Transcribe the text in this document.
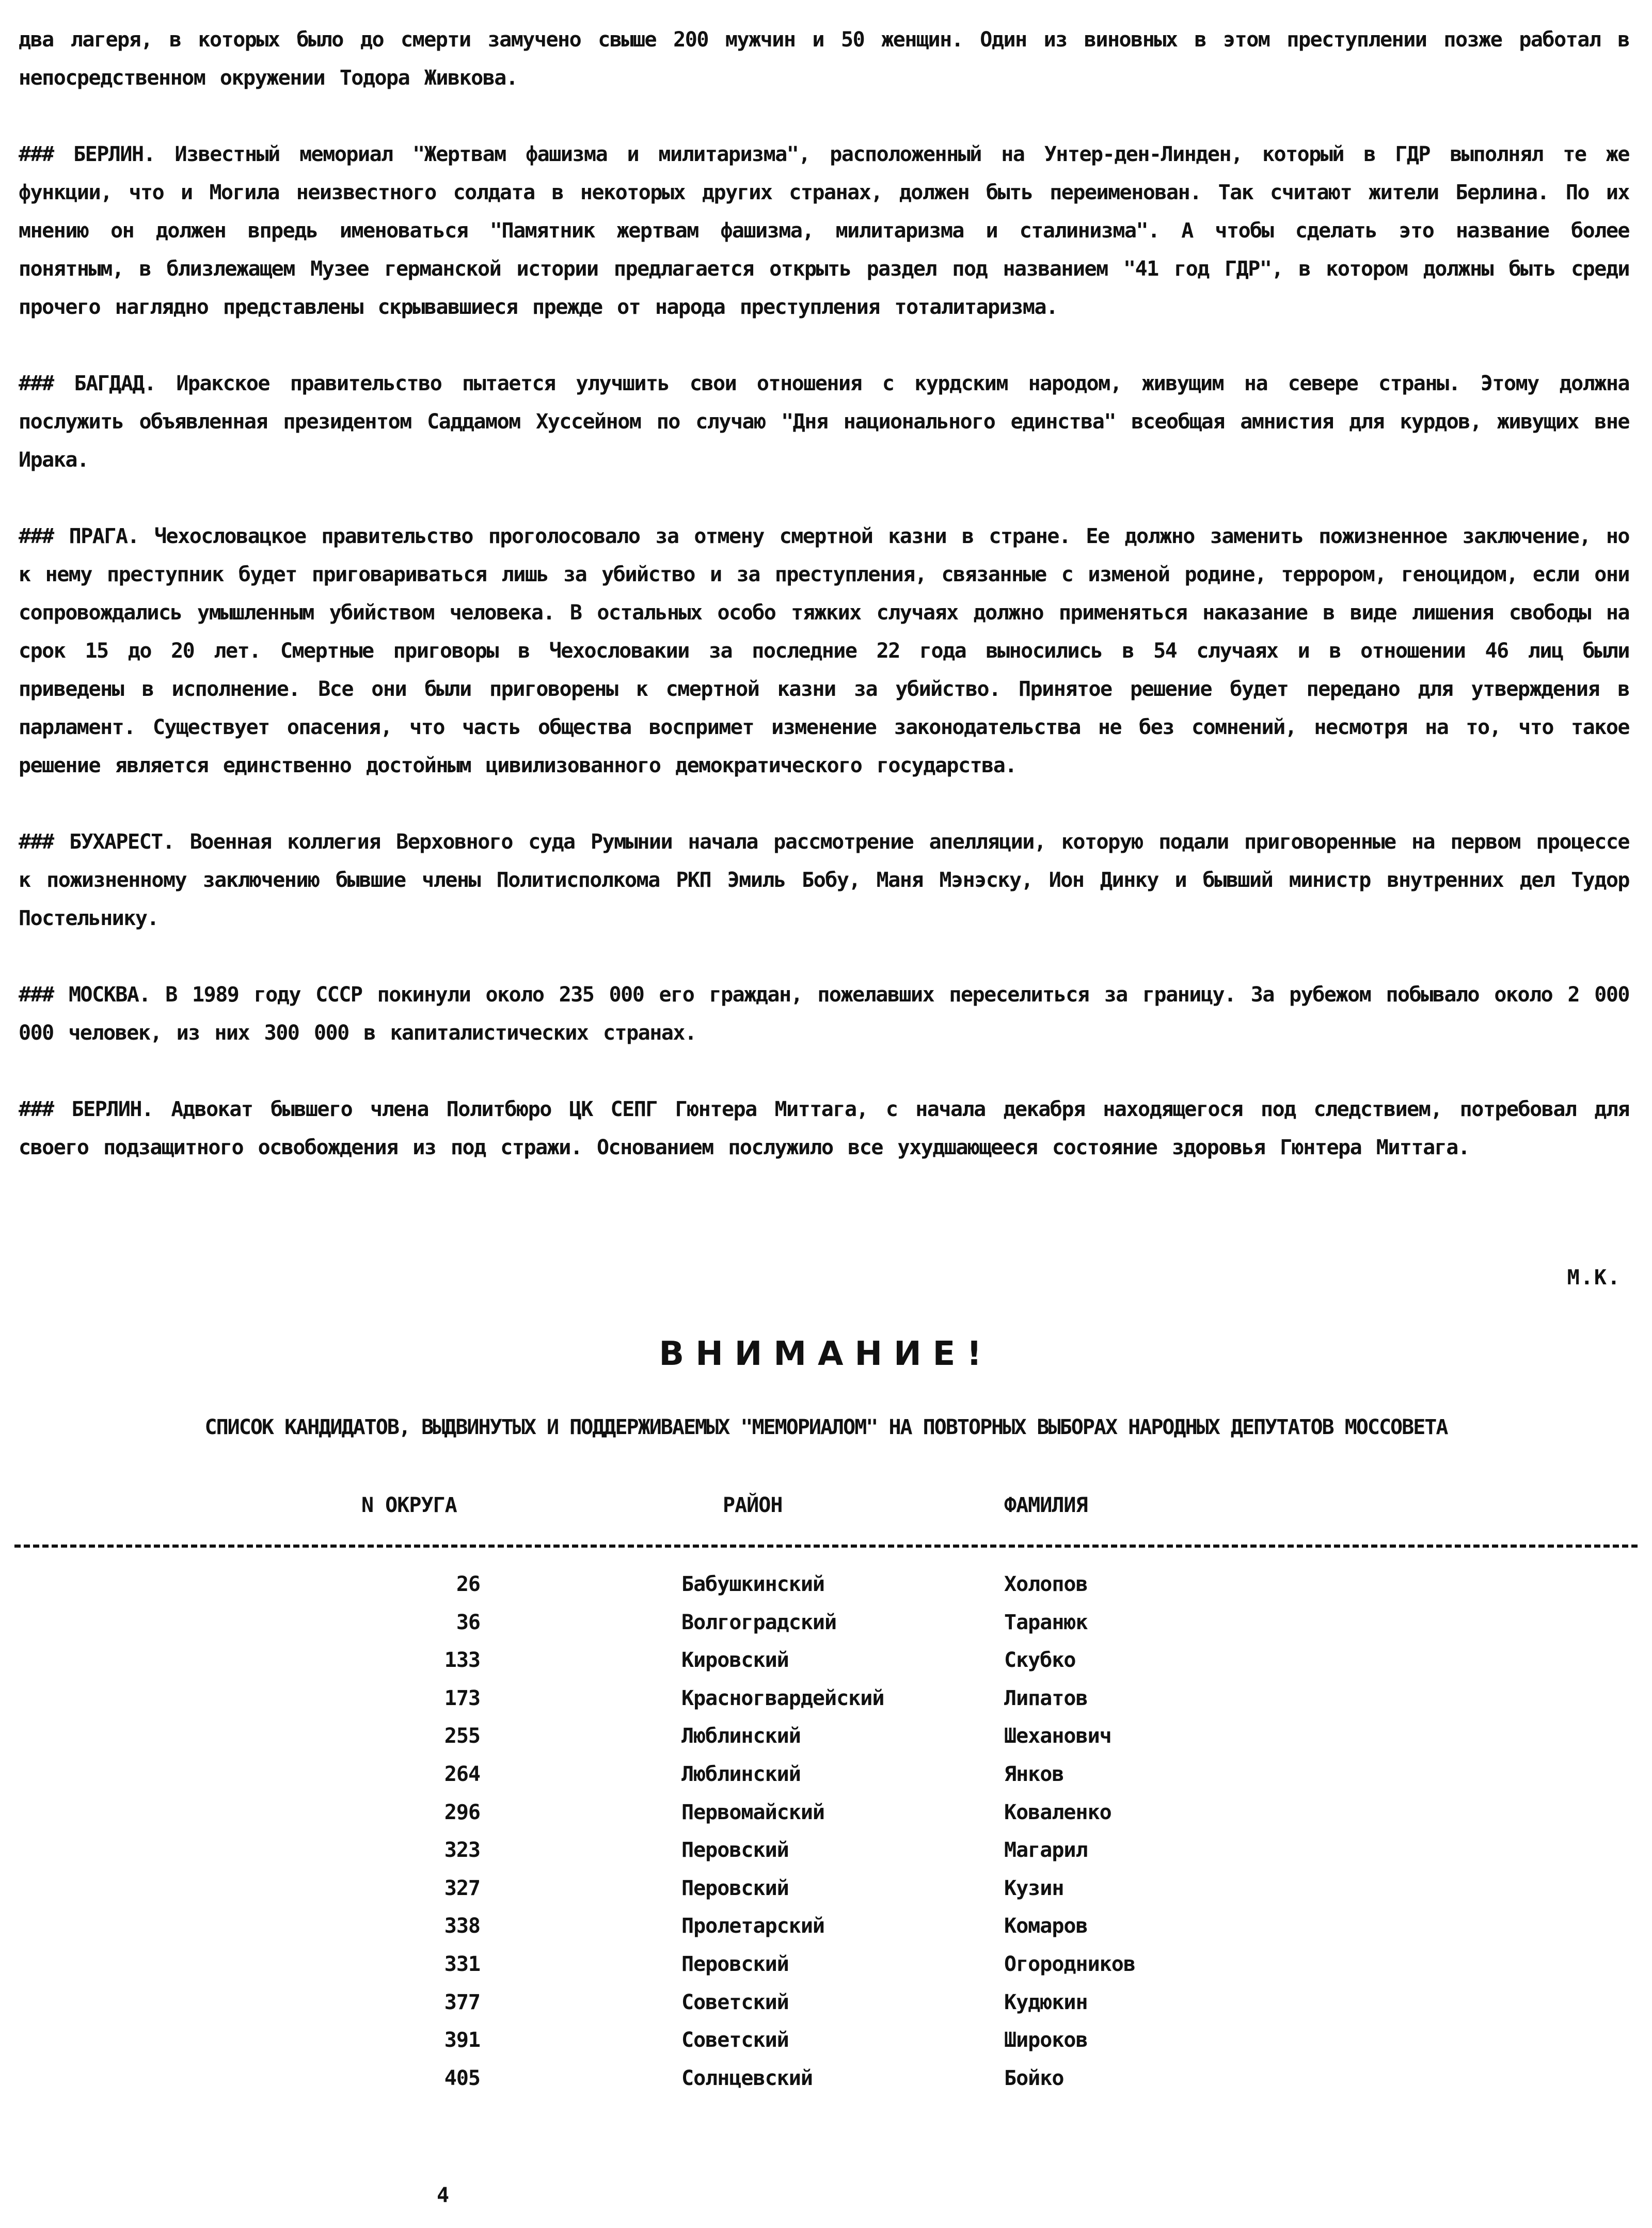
два лагеря, в которых было до смерти замучено свыше 200 мужчин и 50 женщин. Один из виновных в этом преступлении позже работал в непосредственном окружении Тодора Живкова.

### БЕРЛИН. Известный мемориал "Жертвам фашизма и милитаризма", расположенный на Унтер-ден-Линден, который в ГДР выполнял те же функции, что и Могила неизвестного солдата в некоторых других странах, должен быть переименован. Так считают жители Берлина. По их мнению он должен впредь именоваться "Памятник жертвам фашизма, милитаризма и сталинизма". А чтобы сделать это название более понятным, в близлежащем Музее германской истории предлагается открыть раздел под названием "41 год ГДР", в котором должны быть среди прочего наглядно представлены скрывавшиеся прежде от народа преступления тоталитаризма.

### БАГДАД. Иракское правительство пытается улучшить свои отношения с курдским народом, живущим на севере страны. Этому должна послужить объявленная президентом Саддамом Хуссейном по случаю "Дня национального единства" всеобщая амнистия для курдов, живущих вне Ирака.

### ПРАГА. Чехословацкое правительство проголосовало за отмену смертной казни в стране. Ее должно заменить пожизненное заключение, но к нему преступник будет приговариваться лишь за убийство и за преступления, связанные с изменой родине, террором, геноцидом, если они сопровождались умышленным убийством человека. В остальных особо тяжких случаях должно применяться наказание в виде лишения свободы на срок 15 до 20 лет. Смертные приговоры в Чехословакии за последние 22 года выносились в 54 случаях и в отношении 46 лиц были приведены в исполнение. Все они были приговорены к смертной казни за убийство. Принятое решение будет передано для утверждения в парламент. Существует опасения, что часть общества воспримет изменение законодательства не без сомнений, несмотря на то, что такое решение является единственно достойным цивилизованного демократического государства.

### БУХАРЕСТ. Военная коллегия Верховного суда Румынии начала рассмотрение апелляции, которую подали приговоренные на первом процессе к пожизненному заключению бывшие члены Политисполкома РКП Эмиль Бобу, Маня Мэнэску, Ион Динку и бывший министр внутренних дел Тудор Постельнику.

### МОСКВА. В 1989 году СССР покинули около 235 000 его граждан, пожелавших переселиться за границу. За рубежом побывало около 2 000 000 человек, из них 300 000 в капиталистических странах.

### БЕРЛИН. Адвокат бывшего члена Политбюро ЦК СЕПГ Гюнтера Миттага, с начала декабря находящегося под следствием, потребовал для своего подзащитного освобождения из под стражи. Основанием послужило все ухудшающееся состояние здоровья Гюнтера Миттага.

М.К.
ВНИМАНИЕ!
СПИСОК КАНДИДАТОВ, ВЫДВИНУТЫХ И ПОДДЕРЖИВАЕМЫХ "МЕМОРИАЛОМ" НА ПОВТОРНЫХ ВЫБОРАХ НАРОДНЫХ ДЕПУТАТОВ МОССОВЕТА
N ОКРУГА	РАЙОН	ФАМИЛИЯ
26	Бабушкинский	Холопов
36	Волгоградский	Таранюк
133	Кировский	Скубко
173	Красногвардейский	Липатов
255	Люблинский	Шеханович
264	Люблинский	Янков
296	Первомайский	Коваленко
323	Перовский	Магарил
327	Перовский	Кузин
338	Пролетарский	Комаров
331	Перовский	Огородников
377	Советский	Кудюкин
391	Советский	Широков
405	Солнцевский	Бойко
4
